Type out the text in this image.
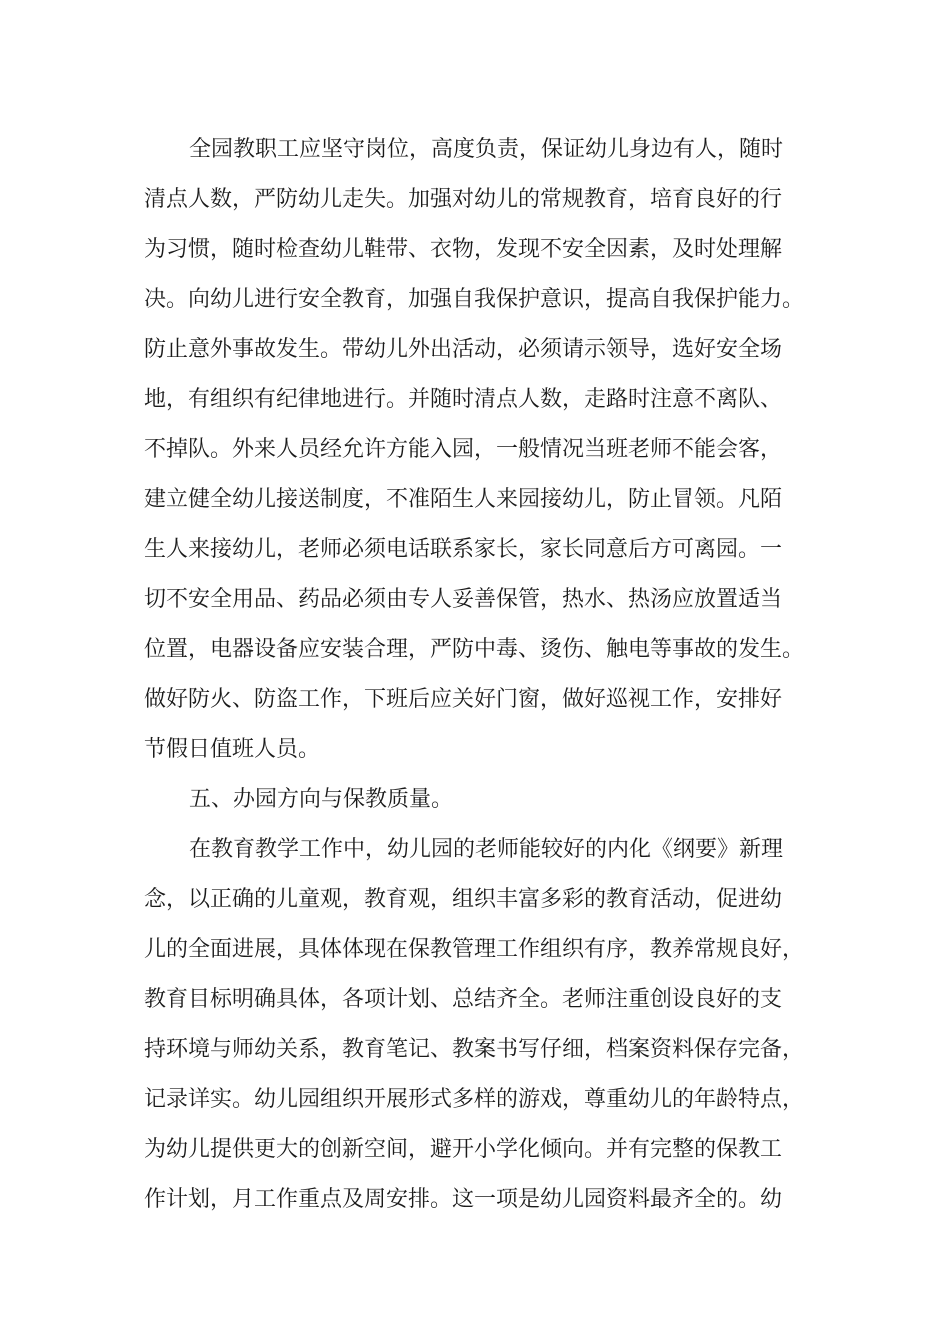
全园教职工应坚守岗位，高度负责，保证幼儿身边有人，随时

清点人数，严防幼儿走失。加强对幼儿的常规教育，培育良好的行

为习惯，随时检查幼儿鞋带、衣物，发现不安全因素，及时处理解

决。向幼儿进行安全教育，加强自我保护意识，提高自我保护能力。

防止意外事故发生。带幼儿外出活动，必须请示领导，选好安全场

地，有组织有纪律地进行。并随时清点人数，走路时注意不离队、

不掉队。外来人员经允许方能入园，一般情况当班老师不能会客，

建立健全幼儿接送制度，不准陌生人来园接幼儿，防止冒领。凡陌

生人来接幼儿，老师必须电话联系家长，家长同意后方可离园。一

切不安全用品、药品必须由专人妥善保管，热水、热汤应放置适当

位置，电器设备应安装合理，严防中毒、烫伤、触电等事故的发生。

做好防火、防盗工作，下班后应关好门窗，做好巡视工作，安排好

节假日值班人员。

五、办园方向与保教质量。

在教育教学工作中，幼儿园的老师能较好的内化《纲要》新理

念，以正确的儿童观，教育观，组织丰富多彩的教育活动，促进幼

儿的全面进展，具体体现在保教管理工作组织有序，教养常规良好，

教育目标明确具体，各项计划、总结齐全。老师注重创设良好的支

持环境与师幼关系，教育笔记、教案书写仔细，档案资料保存完备，

记录详实。幼儿园组织开展形式多样的游戏，尊重幼儿的年龄特点，

为幼儿提供更大的创新空间，避开小学化倾向。并有完整的保教工

作计划，月工作重点及周安排。这一项是幼儿园资料最齐全的。幼
